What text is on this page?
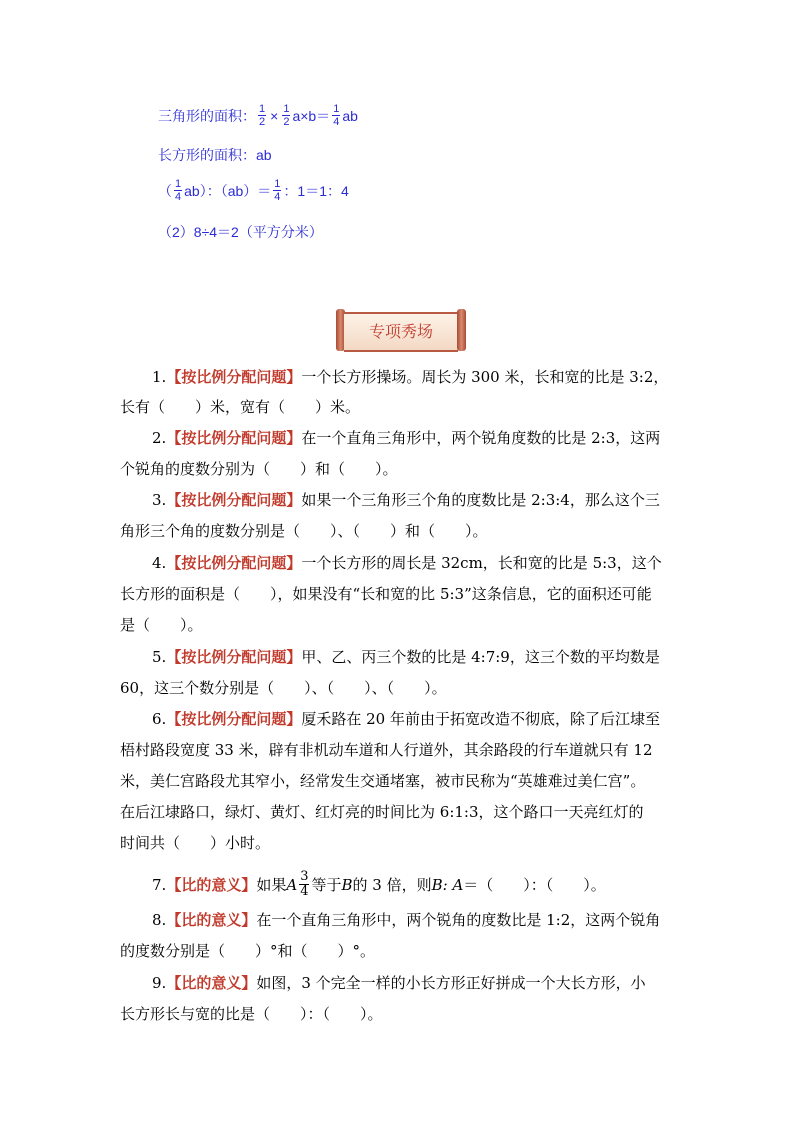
三角形的面积： $\frac{1}{2} \times \frac{1}{2} a\times b= \frac{1}{4}$ ab
长方形的面积：ab
（ $\frac{1}{4} ab$）：$(ab)= \frac{1}{4}$ ：1＝1：4
（2）8÷4＝2（平方分米）
专项秀场
1.【按比例分配问题】一个长方形操场。周长为 300 米，长和宽的比是 3:2，
长有（　　）米，宽有（　　）米。
2.【按比例分配问题】在一个直角三角形中，两个锐角度数的比是 2:3，这两
个锐角的度数分别为（　　）和（　　）。
3.【按比例分配问题】如果一个三角形三个角的度数比是 2:3:4，那么这个三
角形三个角的度数分别是（　　）、（　　）和（　　）。
4.【按比例分配问题】一个长方形的周长是 32cm，长和宽的比是 5:3，这个
长方形的面积是（　　），如果没有“长和宽的比 5:3”这条信息，它的面积还可能
是（　　）。
5.【按比例分配问题】甲、乙、丙三个数的比是 4:7:9，这三个数的平均数是
60，这三个数分别是（　　）、（　　）、（　　）。
6.【按比例分配问题】厦禾路在 20 年前由于拓宽改造不彻底，除了后江埭至
梧村路段宽度 33 米，辟有非机动车道和人行道外，其余路段的行车道就只有 12
米，美仁宫路段尤其窄小，经常发生交通堵塞，被市民称为“英雄难过美仁宫”。
在后江埭路口，绿灯、黄灯、红灯亮的时间比为 6:1:3，这个路口一天亮红灯的
时间共（　　）小时。
7. 【比的意义】 如果 A $\frac{3}{4}$ 等于 B 的 3 倍，则 B: A ＝（　　）：（　　）。
8.【比的意义】在一个直角三角形中，两个锐角的度数比是 1:2，这两个锐角
的度数分别是（　　）°和（　　）°。
9.【比的意义】如图，3 个完全一样的小长方形正好拼成一个大长方形，小
长方形长与宽的比是（　　）：（　　）。
